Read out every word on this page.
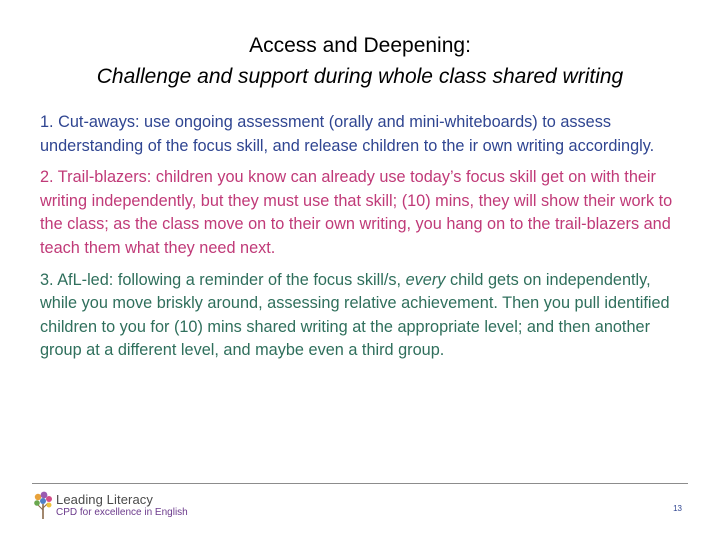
Access and Deepening:
Challenge and support during whole class shared writing

1. Cut-aways: use ongoing assessment (orally and mini-whiteboards) to assess understanding of the focus skill, and release children to the ir own writing accordingly.

2. Trail-blazers: children you know can already use today’s focus skill get on with their writing independently, but they must use that skill; (10) mins, they will show their work to the class; as the class move on to their own writing, you hang on to the trail-blazers and teach them what they need next.

3. AfL-led: following a reminder of the focus skill/s, every child gets on independently, while you move briskly around, assessing relative achievement. Then you pull identified children to you for (10) mins shared writing at the appropriate level; and then another group at a different level, and maybe even a third group.

Leading Literacy
CPD for excellence in English	13
